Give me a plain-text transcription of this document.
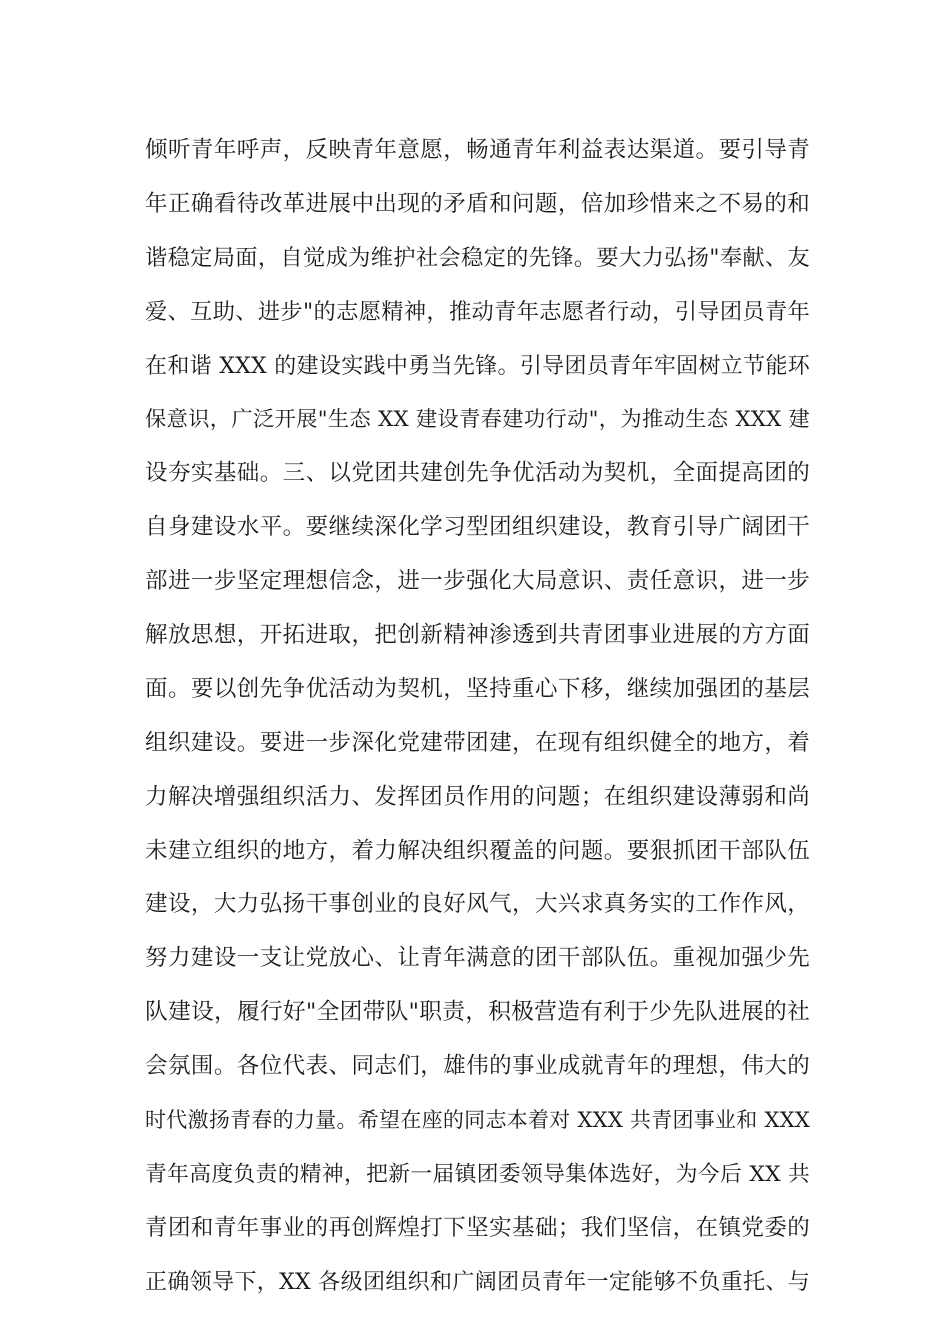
倾听青年呼声，反映青年意愿，畅通青年利益表达渠道。要引导青
年正确看待改革进展中出现的矛盾和问题，倍加珍惜来之不易的和
谐稳定局面，自觉成为维护社会稳定的先锋。要大力弘扬"奉献、友
爱、互助、进步"的志愿精神，推动青年志愿者行动，引导团员青年
在和谐 XXX 的建设实践中勇当先锋。引导团员青年牢固树立节能环
保意识，广泛开展"生态 XX 建设青春建功行动"，为推动生态 XXX 建
设夯实基础。三、以党团共建创先争优活动为契机，全面提高团的
自身建设水平。要继续深化学习型团组织建设，教育引导广阔团干
部进一步坚定理想信念，进一步强化大局意识、责任意识，进一步
解放思想，开拓进取，把创新精神渗透到共青团事业进展的方方面
面。要以创先争优活动为契机，坚持重心下移，继续加强团的基层
组织建设。要进一步深化党建带团建，在现有组织健全的地方，着
力解决增强组织活力、发挥团员作用的问题；在组织建设薄弱和尚
未建立组织的地方，着力解决组织覆盖的问题。要狠抓团干部队伍
建设，大力弘扬干事创业的良好风气，大兴求真务实的工作作风，
努力建设一支让党放心、让青年满意的团干部队伍。重视加强少先
队建设，履行好"全团带队"职责，积极营造有利于少先队进展的社
会氛围。各位代表、同志们，雄伟的事业成就青年的理想，伟大的
时代激扬青春的力量。希望在座的同志本着对 XXX 共青团事业和 XXX
青年高度负责的精神，把新一届镇团委领导集体选好，为今后 XX 共
青团和青年事业的再创辉煌打下坚实基础；我们坚信，在镇党委的
正确领导下，XX 各级团组织和广阔团员青年一定能够不负重托、与
